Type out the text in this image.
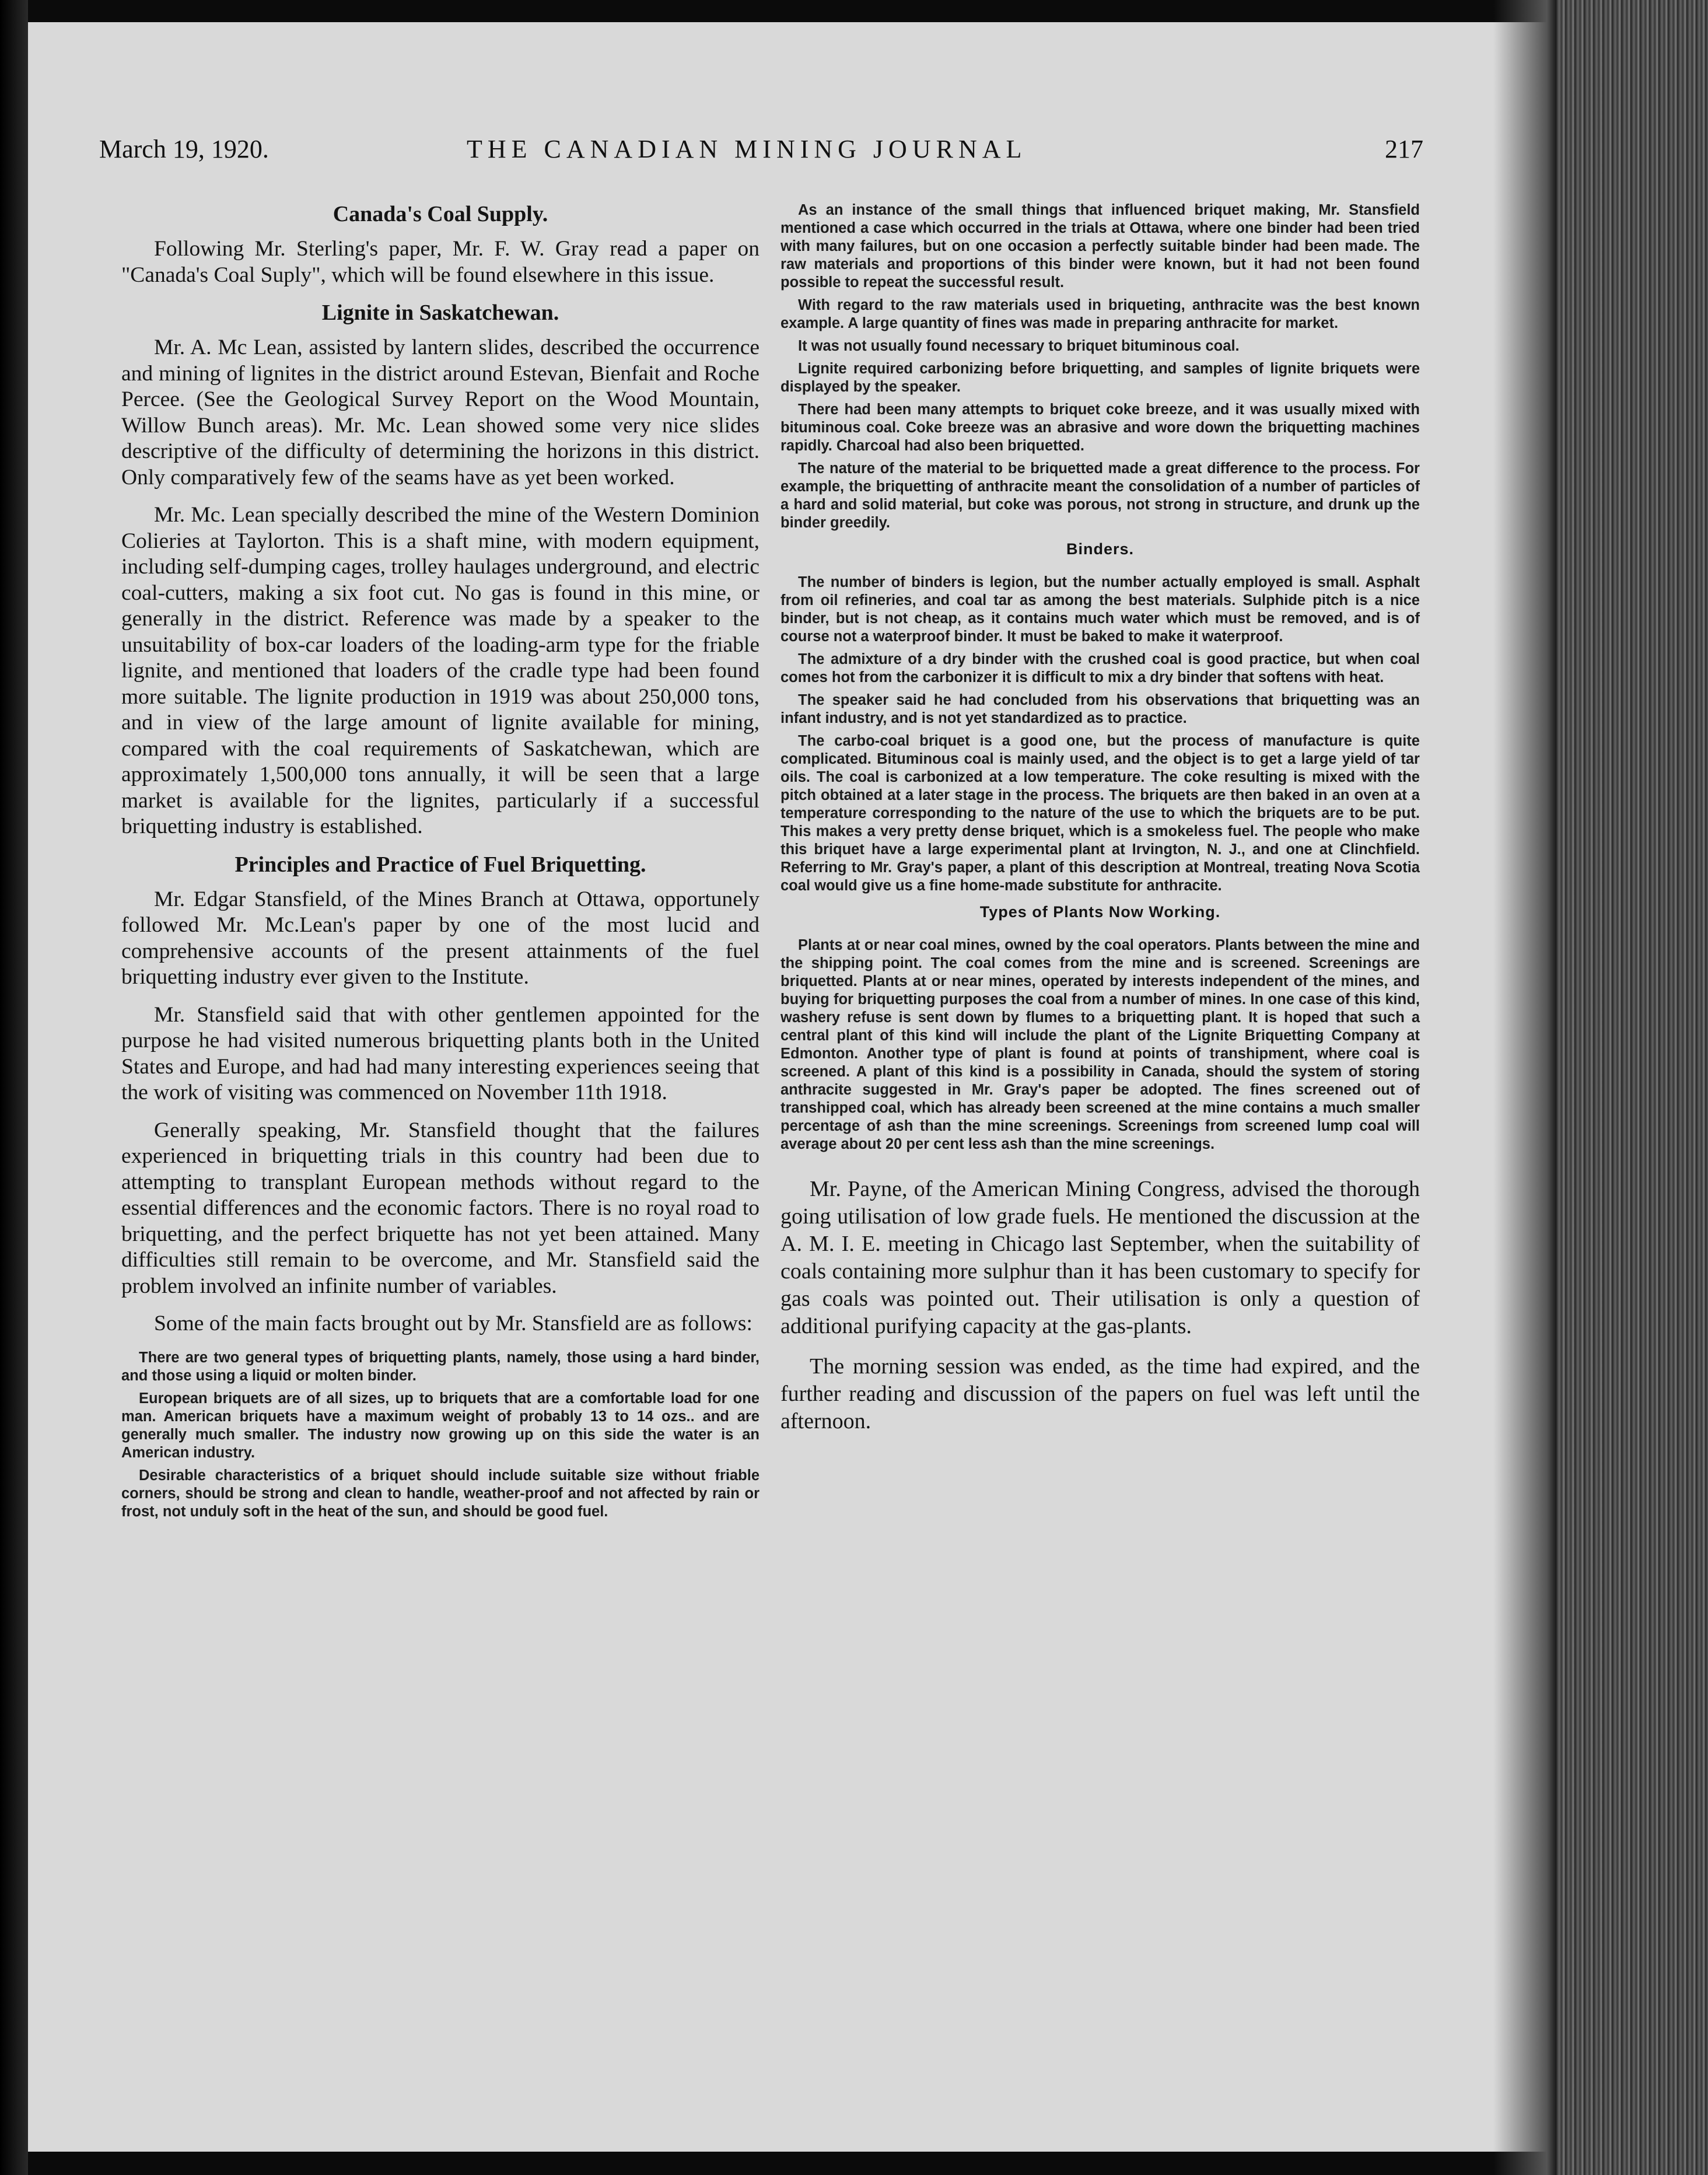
March 19, 1920.	THE CANADIAN MINING JOURNAL	217
Canada's Coal Supply.

Following Mr. Sterling's paper, Mr. F. W. Gray read a paper on "Canada's Coal Suply", which will be found elsewhere in this issue.

Lignite in Saskatchewan.

Mr. A. Mc Lean, assisted by lantern slides, described the occurrence and mining of lignites in the district around Estevan, Bienfait and Roche Percee. (See the Geological Survey Report on the Wood Mountain, Willow Bunch areas). Mr. Mc. Lean showed some very nice slides descriptive of the difficulty of determining the horizons in this district. Only comparatively few of the seams have as yet been worked.

Mr. Mc. Lean specially described the mine of the Western Dominion Colieries at Taylorton. This is a shaft mine, with modern equipment, including self-dumping cages, trolley haulages underground, and electric coal-cutters, making a six foot cut. No gas is found in this mine, or generally in the district. Reference was made by a speaker to the unsuitability of box-car loaders of the loading-arm type for the friable lignite, and mentioned that loaders of the cradle type had been found more suitable. The lignite production in 1919 was about 250,000 tons, and in view of the large amount of lignite available for mining, compared with the coal requirements of Saskatchewan, which are approximately 1,500,000 tons annually, it will be seen that a large market is available for the lignites, particularly if a successful briquetting industry is established.

Principles and Practice of Fuel Briquetting.

Mr. Edgar Stansfield, of the Mines Branch at Ottawa, opportunely followed Mr. Mc.Lean's paper by one of the most lucid and comprehensive accounts of the present attainments of the fuel briquetting industry ever given to the Institute.

Mr. Stansfield said that with other gentlemen appointed for the purpose he had visited numerous briquetting plants both in the United States and Europe, and had had many interesting experiences seeing that the work of visiting was commenced on November 11th 1918.

Generally speaking, Mr. Stansfield thought that the failures experienced in briquetting trials in this country had been due to attempting to transplant European methods without regard to the essential differences and the economic factors. There is no royal road to briquetting, and the perfect briquette has not yet been attained. Many difficulties still remain to be overcome, and Mr. Stansfield said the problem involved an infinite number of variables.

Some of the main facts brought out by Mr. Stansfield are as follows:

There are two general types of briquetting plants, namely, those using a hard binder, and those using a liquid or molten binder.

European briquets are of all sizes, up to briquets that are a comfortable load for one man. American briquets have a maximum weight of probably 13 to 14 ozs.. and are generally much smaller. The industry now growing up on this side the water is an American industry.

Desirable characteristics of a briquet should include suitable size without friable corners, should be strong and clean to handle, weather-proof and not affected by rain or frost, not unduly soft in the heat of the sun, and should be good fuel.

As an instance of the small things that influenced briquet making, Mr. Stansfield mentioned a case which occurred in the trials at Ottawa, where one binder had been tried with many failures, but on one occasion a perfectly suitable binder had been made. The raw materials and proportions of this binder were known, but it had not been found possible to repeat the successful result.

With regard to the raw materials used in briqueting, anthracite was the best known example. A large quantity of fines was made in preparing anthracite for market.

It was not usually found necessary to briquet bituminous coal.

Lignite required carbonizing before briquetting, and samples of lignite briquets were displayed by the speaker.

There had been many attempts to briquet coke breeze, and it was usually mixed with bituminous coal. Coke breeze was an abrasive and wore down the briquetting machines rapidly. Charcoal had also been briquetted.

The nature of the material to be briquetted made a great difference to the process. For example, the briquetting of anthracite meant the consolidation of a number of particles of a hard and solid material, but coke was porous, not strong in structure, and drunk up the binder greedily.

Binders.

The number of binders is legion, but the number actually employed is small. Asphalt from oil refineries, and coal tar as among the best materials. Sulphide pitch is a nice binder, but is not cheap, as it contains much water which must be removed, and is of course not a waterproof binder. It must be baked to make it waterproof.

The admixture of a dry binder with the crushed coal is good practice, but when coal comes hot from the carbonizer it is difficult to mix a dry binder that softens with heat.

The speaker said he had concluded from his observations that briquetting was an infant industry, and is not yet standardized as to practice.

The carbo-coal briquet is a good one, but the process of manufacture is quite complicated. Bituminous coal is mainly used, and the object is to get a large yield of tar oils. The coal is carbonized at a low temperature. The coke resulting is mixed with the pitch obtained at a later stage in the process. The briquets are then baked in an oven at a temperature corresponding to the nature of the use to which the briquets are to be put. This makes a very pretty dense briquet, which is a smokeless fuel. The people who make this briquet have a large experimental plant at Irvington, N. J., and one at Clinchfield. Referring to Mr. Gray's paper, a plant of this description at Montreal, treating Nova Scotia coal would give us a fine home-made substitute for anthracite.

Types of Plants Now Working.

Plants at or near coal mines, owned by the coal operators. Plants between the mine and the shipping point. The coal comes from the mine and is screened. Screenings are briquetted. Plants at or near mines, operated by interests independent of the mines, and buying for briquetting purposes the coal from a number of mines. In one case of this kind, washery refuse is sent down by flumes to a briquetting plant. It is hoped that such a central plant of this kind will include the plant of the Lignite Briquetting Company at Edmonton. Another type of plant is found at points of transhipment, where coal is screened. A plant of this kind is a possibility in Canada, should the system of storing anthracite suggested in Mr. Gray's paper be adopted. The fines screened out of transhipped coal, which has already been screened at the mine contains a much smaller percentage of ash than the mine screenings. Screenings from screened lump coal will average about 20 per cent less ash than the mine screenings.

Mr. Payne, of the American Mining Congress, advised the thorough going utilisation of low grade fuels. He mentioned the discussion at the A. M. I. E. meeting in Chicago last September, when the suitability of coals containing more sulphur than it has been customary to specify for gas coals was pointed out. Their utilisation is only a question of additional purifying capacity at the gas-plants.

The morning session was ended, as the time had expired, and the further reading and discussion of the papers on fuel was left until the afternoon.
